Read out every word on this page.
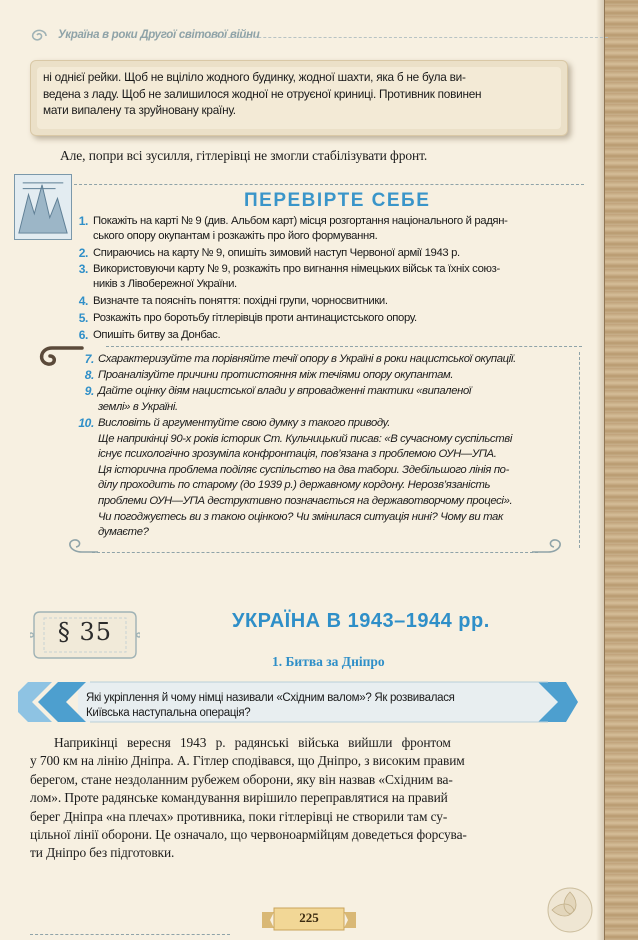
Україна в роки Другої світової війни
ні однієї рейки. Щоб не вціліло жодного будинку, жодної шахти, яка б не була ви-
ведена з ладу. Щоб не залишилося жодної не отруєної криниці. Противник повинен
мати випалену та зруйновану країну.
Але, попри всі зусилля, гітлерівці не змогли стабілізувати фронт.
ПЕРЕВІРТЕ СЕБЕ
1. Покажіть на карті № 9 (див. Альбом карт) місця розгортання національного й радян-
ського опору окупантам і розкажіть про його формування.
2. Спираючись на карту № 9, опишіть зимовий наступ Червоної армії 1943 р.
3. Використовуючи карту № 9, розкажіть про вигнання німецьких військ та їхніх союз-
ників з Лівобережної України.
4. Визначте та поясніть поняття: похідні групи, чорносвитники.
5. Розкажіть про боротьбу гітлерівців проти антинацистського опору.
6. Опишіть битву за Донбас.
7. Схарактеризуйте та порівняйте течії опору в Україні в роки нацистської окупації.
8. Проаналізуйте причини протистояння між течіями опору окупантам.
9. Дайте оцінку діям нацистської влади у впровадженні тактики «випаленої
землі» в Україні.
10. Висловіть й аргументуйте свою думку з такого приводу.
Ще наприкінці 90-х років історик Ст. Кульчицький писав: «В сучасному суспільстві
існує психологічно зрозуміла конфронтація, пов’язана з проблемою ОУН—УПА.
Ця історична проблема поділяє суспільство на два табори. Здебільшого лінія по-
ділу проходить по старому (до 1939 р.) державному кордону. Нерозв’язаність
проблеми ОУН—УПА деструктивно позначається на державотворчому процесі».
Чи погоджуєтесь ви з такою оцінкою? Чи змінилася ситуація нині? Чому ви так
думаєте?
§ 35	УКРАЇНА В 1943–1944 рр.
1. Битва за Дніпро
Які укріплення й чому німці називали «Східним валом»? Як розвивалася
Київська наступальна операція?
Наприкінці вересня 1943 р. радянські війська вийшли фронтом
у 700 км на лінію Дніпра. А. Гітлер сподівався, що Дніпро, з високим правим
берегом, стане нездоланним рубежем оборони, яку він назвав «Східним ва-
лом». Проте радянське командування вирішило переправлятися на правий
берег Дніпра «на плечах» противника, поки гітлерівці не створили там су-
цільної лінії оборони. Це означало, що червоноармійцям доведеться форсува-
ти Дніпро без підготовки.
225
